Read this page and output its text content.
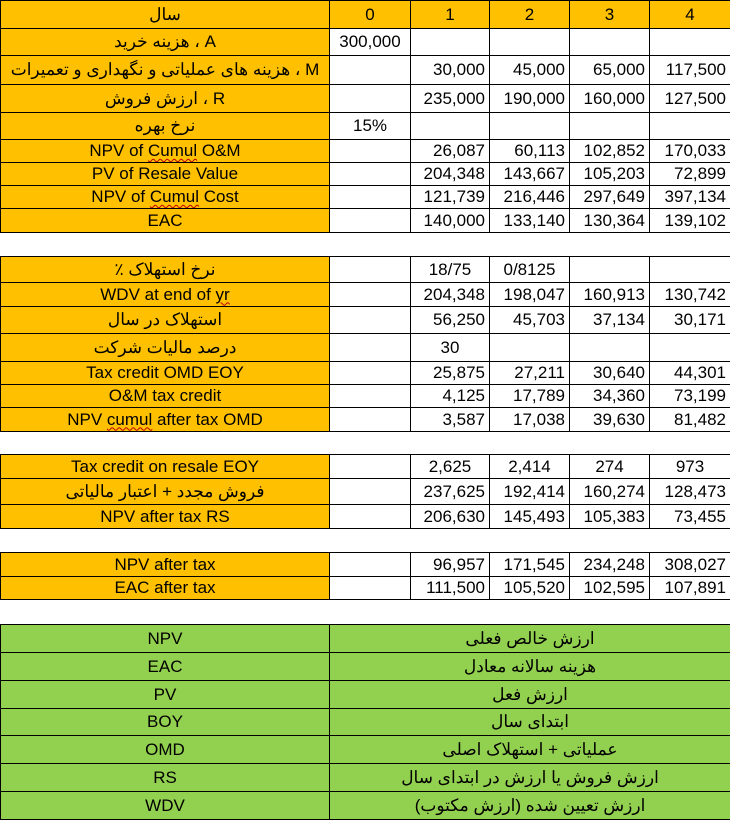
سال	0	1	2	3	4
هزینه خرید ، A	300,000				
هزینه های عملیاتی و نگهداری و تعمیرات ، M		30,000	45,000	65,000	117,500
ارزش فروش ، R		235,000	190,000	160,000	127,500
نرخ بهره	15%				
NPV of Cumul O&M		26,087	60,113	102,852	170,033
PV of Resale Value		204,348	143,667	105,203	72,899
NPV of Cumul Cost		121,739	216,446	297,649	397,134
EAC		140,000	133,140	130,364	139,102

٪ نرخ استهلاک		18/75	0/8125		
WDV at end of yr		204,348	198,047	160,913	130,742
استهلاک در سال		56,250	45,703	37,134	30,171
درصد مالیات شرکت		30			
Tax credit OMD EOY		25,875	27,211	30,640	44,301
O&M tax credit		4,125	17,789	34,360	73,199
NPV cumul after tax OMD		3,587	17,038	39,630	81,482

Tax credit on resale EOY		2,625	2,414	274	973
فروش مجدد + اعتبار مالیاتی		237,625	192,414	160,274	128,473
NPV after tax RS		206,630	145,493	105,383	73,455

NPV after tax		96,957	171,545	234,248	308,027
EAC after tax		111,500	105,520	102,595	107,891

NPV	ارزش خالص فعلی				
EAC	هزینه سالانه معادل				
PV	ارزش فعل				
BOY	ابتدای سال				
OMD	عملیاتی + استهلاک اصلی				
RS	ارزش فروش یا ارزش در ابتدای سال				
WDV	ارزش تعیین شده (ارزش مکتوب)				
